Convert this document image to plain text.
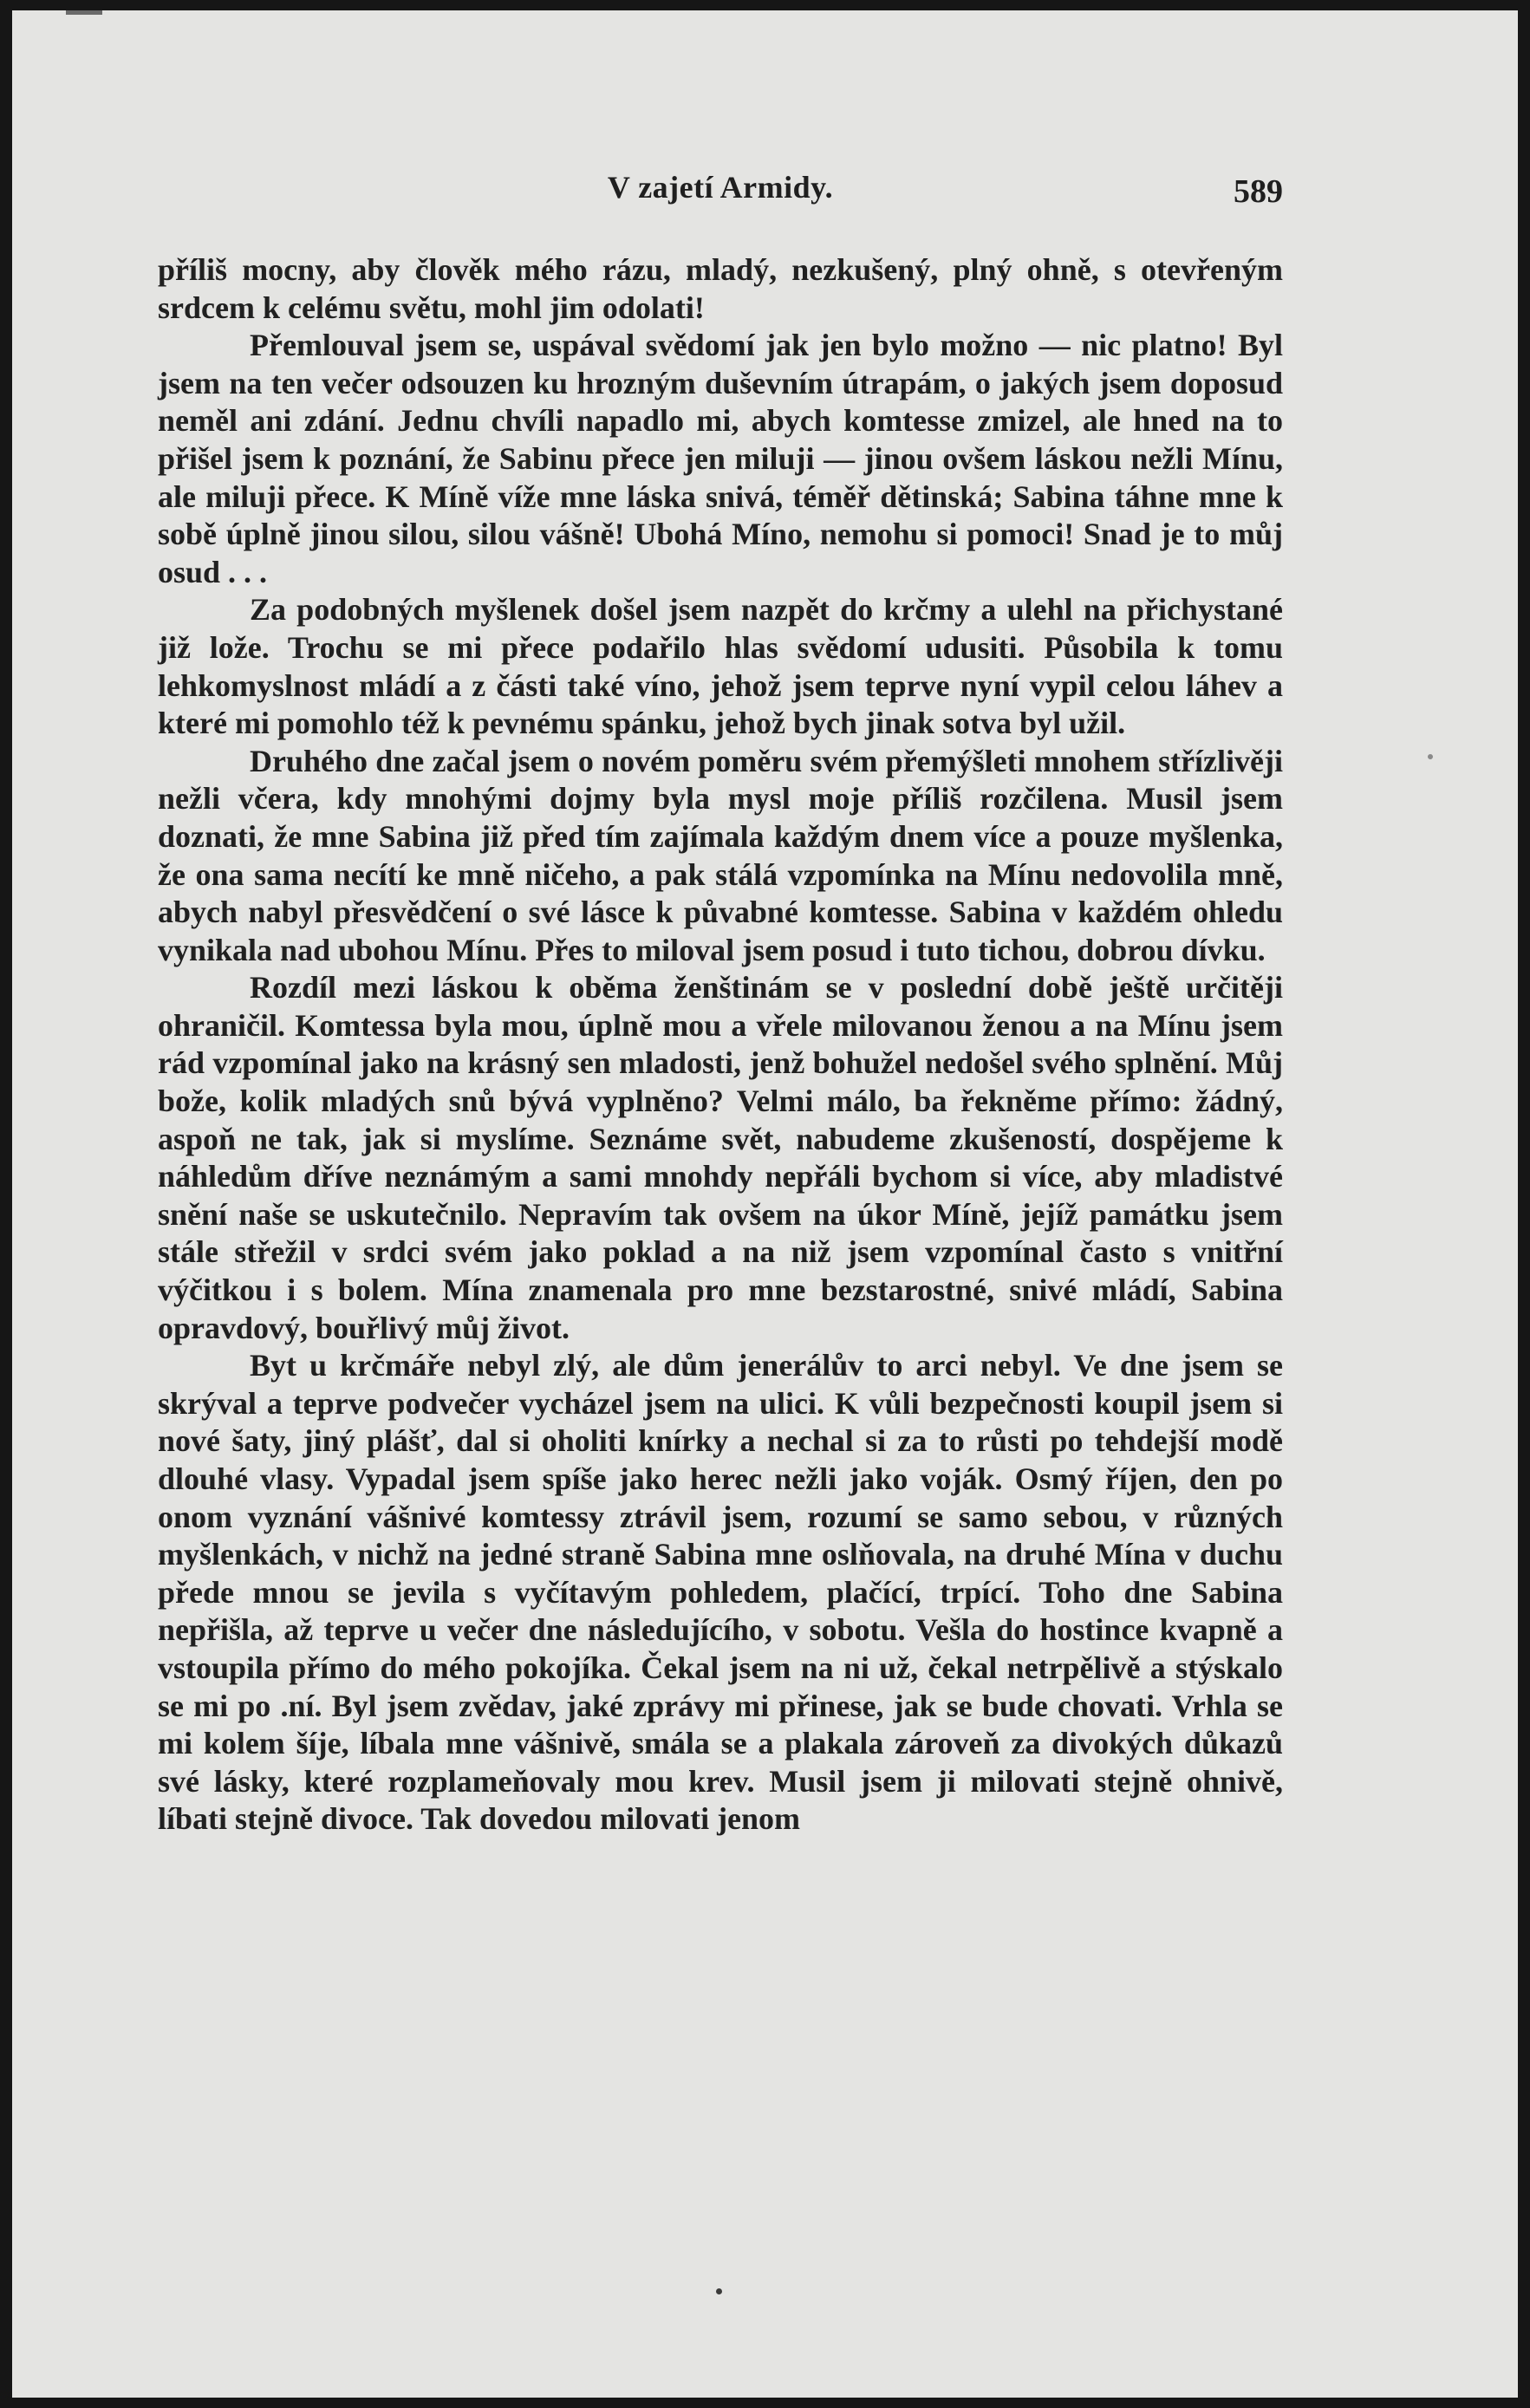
V zajetí Armidy.	589

příliš mocny, aby člověk mého rázu, mladý, nezkušený, plný ohně, s otevřeným srdcem k celému světu, mohl jim odolati!

Přemlouval jsem se, uspával svědomí jak jen bylo možno — nic platno! Byl jsem na ten večer odsouzen ku hrozným duševním útrapám, o jakých jsem doposud neměl ani zdání. Jednu chvíli napadlo mi, abych komtesse zmizel, ale hned na to přišel jsem k poznání, že Sabinu přece jen miluji — jinou ovšem láskou nežli Mínu, ale miluji přece. K Míně víže mne láska snivá, téměř dětinská; Sabina táhne mne k sobě úplně jinou silou, silou vášně! Ubohá Míno, nemohu si pomoci! Snad je to můj osud . . .

Za podobných myšlenek došel jsem nazpět do krčmy a ulehl na přichystané již lože. Trochu se mi přece podařilo hlas svědomí udusiti. Působila k tomu lehkomyslnost mládí a z části také víno, jehož jsem teprve nyní vypil celou láhev a které mi pomohlo též k pevnému spánku, jehož bych jinak sotva byl užil.

Druhého dne začal jsem o novém poměru svém přemýšleti mnohem střízlivěji nežli včera, kdy mnohými dojmy byla mysl moje příliš rozčilena. Musil jsem doznati, že mne Sabina již před tím zajímala každým dnem více a pouze myšlenka, že ona sama necítí ke mně ničeho, a pak stálá vzpomínka na Mínu nedovolila mně, abych nabyl přesvědčení o své lásce k půvabné komtesse. Sabina v každém ohledu vynikala nad ubohou Mínu. Přes to miloval jsem posud i tuto tichou, dobrou dívku.

Rozdíl mezi láskou k oběma ženštinám se v poslední době ještě určitěji ohraničil. Komtessa byla mou, úplně mou a vřele milovanou ženou a na Mínu jsem rád vzpomínal jako na krásný sen mladosti, jenž bohužel nedošel svého splnění. Můj bože, kolik mladých snů bývá vyplněno? Velmi málo, ba řekněme přímo: žádný, aspoň ne tak, jak si myslíme. Seznáme svět, nabudeme zkušeností, dospějeme k náhledům dříve neznámým a sami mnohdy nepřáli bychom si více, aby mladistvé snění naše se uskutečnilo. Nepravím tak ovšem na úkor Míně, jejíž památku jsem stále střežil v srdci svém jako poklad a na niž jsem vzpomínal často s vnitřní výčitkou i s bolem. Mína znamenala pro mne bezstarostné, snivé mládí, Sabina opravdový, bouřlivý můj život.

Byt u krčmáře nebyl zlý, ale dům jenerálův to arci nebyl. Ve dne jsem se skrýval a teprve podvečer vycházel jsem na ulici. K vůli bezpečnosti koupil jsem si nové šaty, jiný plášť, dal si oholiti knírky a nechal si za to růsti po tehdejší modě dlouhé vlasy. Vypadal jsem spíše jako herec nežli jako voják. Osmý říjen, den po onom vyznání vášnivé komtessy ztrávil jsem, rozumí se samo sebou, v různých myšlenkách, v nichž na jedné straně Sabina mne oslňovala, na druhé Mína v duchu přede mnou se jevila s vyčítavým pohledem, plačící, trpící. Toho dne Sabina nepřišla, až teprve u večer dne následujícího, v sobotu. Vešla do hostince kvapně a vstoupila přímo do mého pokojíka. Čekal jsem na ni už, čekal netrpělivě a stýskalo se mi po .ní. Byl jsem zvědav, jaké zprávy mi přinese, jak se bude chovati. Vrhla se mi kolem šíje, líbala mne vášnivě, smála se a plakala zároveň za divokých důkazů své lásky, které rozplameňovaly mou krev. Musil jsem ji milovati stejně ohnivě, líbati stejně divoce. Tak dovedou milovati jenom
